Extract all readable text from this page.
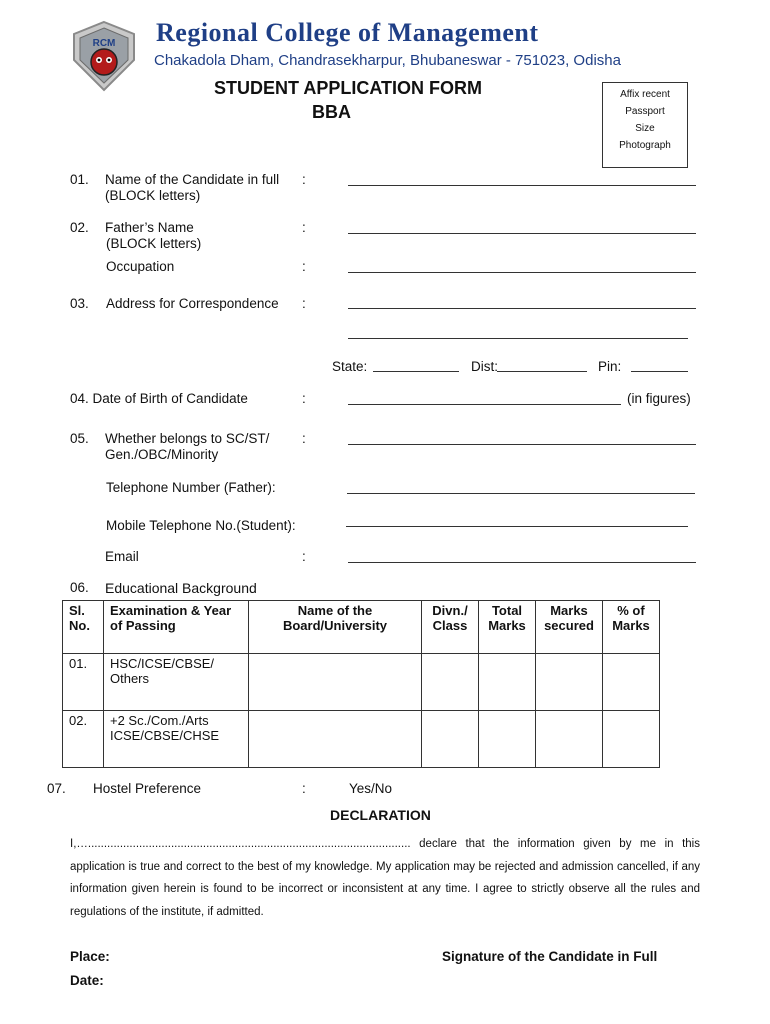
RCM Regional College of Management
Chakadola Dham, Chandrasekharpur, Bhubaneswar - 751023, Odisha
STUDENT APPLICATION FORM
BBA
Affix recent
Passport
Size
Photograph
01. Name of the Candidate in full
(BLOCK letters)
:
02. Father’s Name
(BLOCK letters)
:
Occupation	:
03. Address for Correspondence :
State:	Dist:	Pin:
04. Date of Birth of Candidate	:	(in figures)
05. Whether belongs to SC/ST/
Gen./OBC/Minority
:
Telephone Number (Father):
Mobile Telephone No.(Student):
Email	:
06. Educational Background
Sl. No.	Examination & Year of Passing	Name of the Board/University	Divn./ Class	Total Marks	Marks secured	% of Marks
01.	HSC/ICSE/CBSE/ Others					
02.	+2 Sc./Com./Arts ICSE/CBSE/CHSE					
07. Hostel Preference	:	Yes/No
DECLARATION
I,…..................................................................................................... declare that the information given by me in this application is true and correct to the best of my knowledge. My application may be rejected and admission cancelled, if any information given herein is found to be incorrect or inconsistent at any time. I agree to strictly observe all the rules and regulations of the institute, if admitted.
Place:
Date:
Signature of the Candidate in Full
